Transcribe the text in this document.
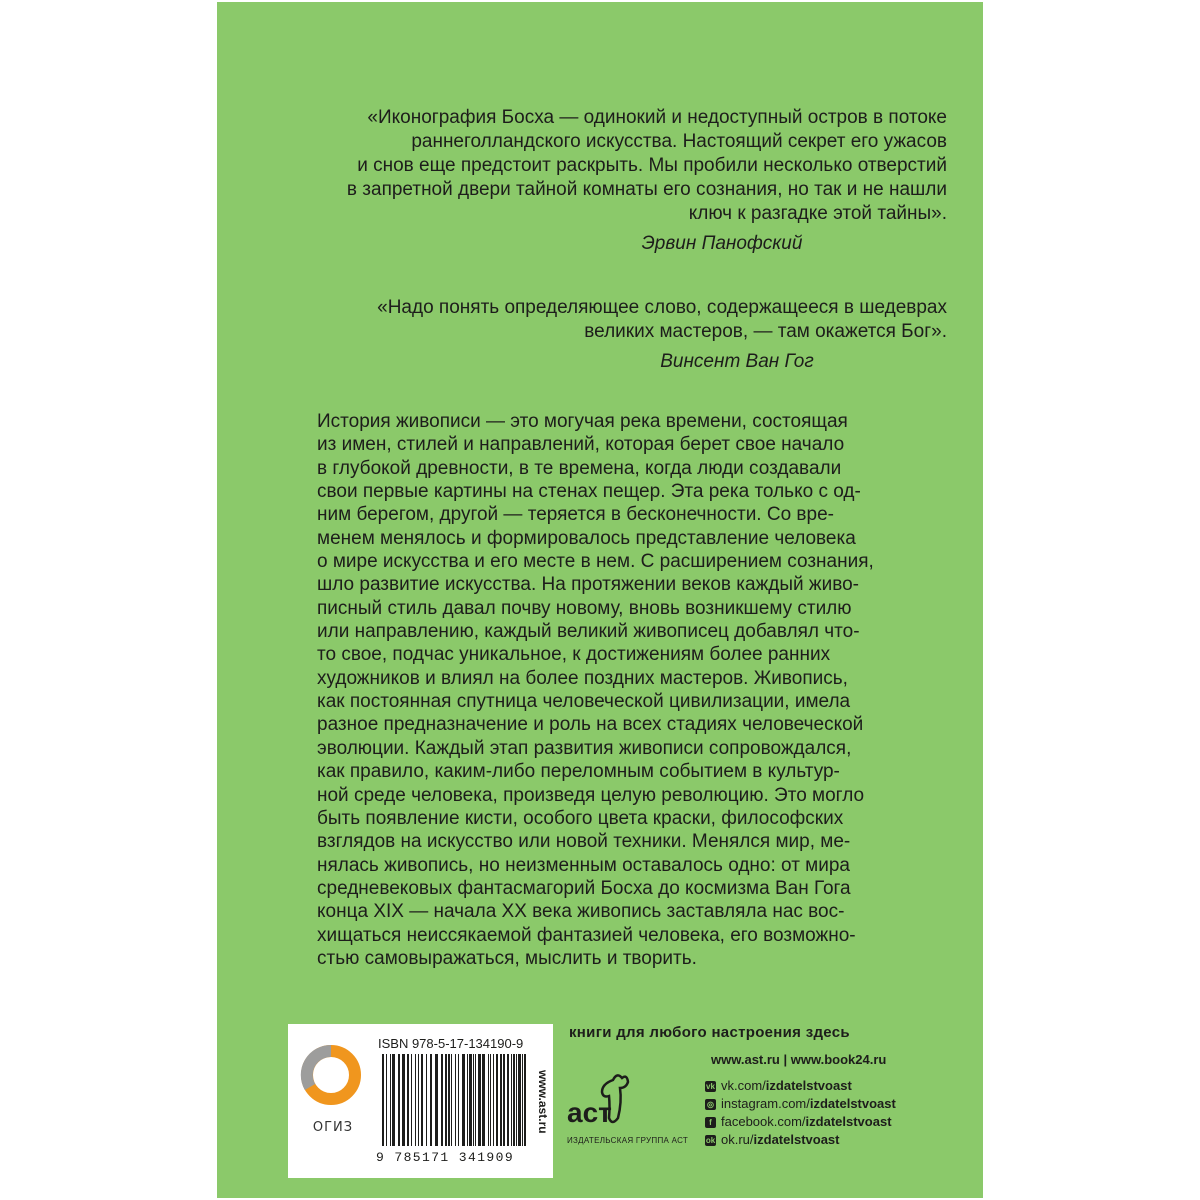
«Иконография Босха — одинокий и недоступный остров в потоке

раннеголландского искусства. Настоящий секрет его ужасов

и снов еще предстоит раскрыть. Мы пробили несколько отверстий

в запретной двери тайной комнаты его сознания, но так и не нашли

ключ к разгадке этой тайны».

Эрвин Панофский

«Надо понять определяющее слово, содержащееся в шедеврах

великих мастеров, — там окажется Бог».

Винсент Ван Гог

История живописи — это могучая река времени, состоящая
из имен, стилей и направлений, которая берет свое начало
в глубокой древности, в те времена, когда люди создавали
свои первые картины на стенах пещер. Эта река только с од-
ним берегом, другой — теряется в бесконечности. Со вре-
менем менялось и формировалось представление человека
о мире искусства и его месте в нем. С расширением сознания,
шло развитие искусства. На протяжении веков каждый живо-
писный стиль давал почву новому, вновь возникшему стилю
или направлению, каждый великий живописец добавлял что-
то свое, подчас уникальное, к достижениям более ранних
художников и влиял на более поздних мастеров. Живопись,
как постоянная спутница человеческой цивилизации, имела
разное предназначение и роль на всех стадиях человеческой
эволюции. Каждый этап развития живописи сопровождался,
как правило, каким-либо переломным событием в культур-
ной среде человека, произведя целую революцию. Это могло
быть появление кисти, особого цвета краски, философских
взглядов на искусство или новой техники. Менялся мир, ме-
нялась живопись, но неизменным оставалось одно: от мира
средневековых фантасмагорий Босха до космизма Ван Гога
конца XIX — начала XX века живопись заставляла нас вос-
хищаться неиссякаемой фантазией человека, его возможно-
стью самовыражаться, мыслить и творить.
ОГИЗ
ISBN 978-5-17-134190-9
9 785171 341909
www.ast.ru
книги для любого настроения здесь
www.ast.ru | www.book24.ru
аст
ИЗДАТЕЛЬСКАЯ ГРУППА АСТ
vk vk.com/ izdatelstvoast
◎ instagram.com/ izdatelstvoast
f facebook.com/ izdatelstvoast
ok ok.ru/ izdatelstvoast
